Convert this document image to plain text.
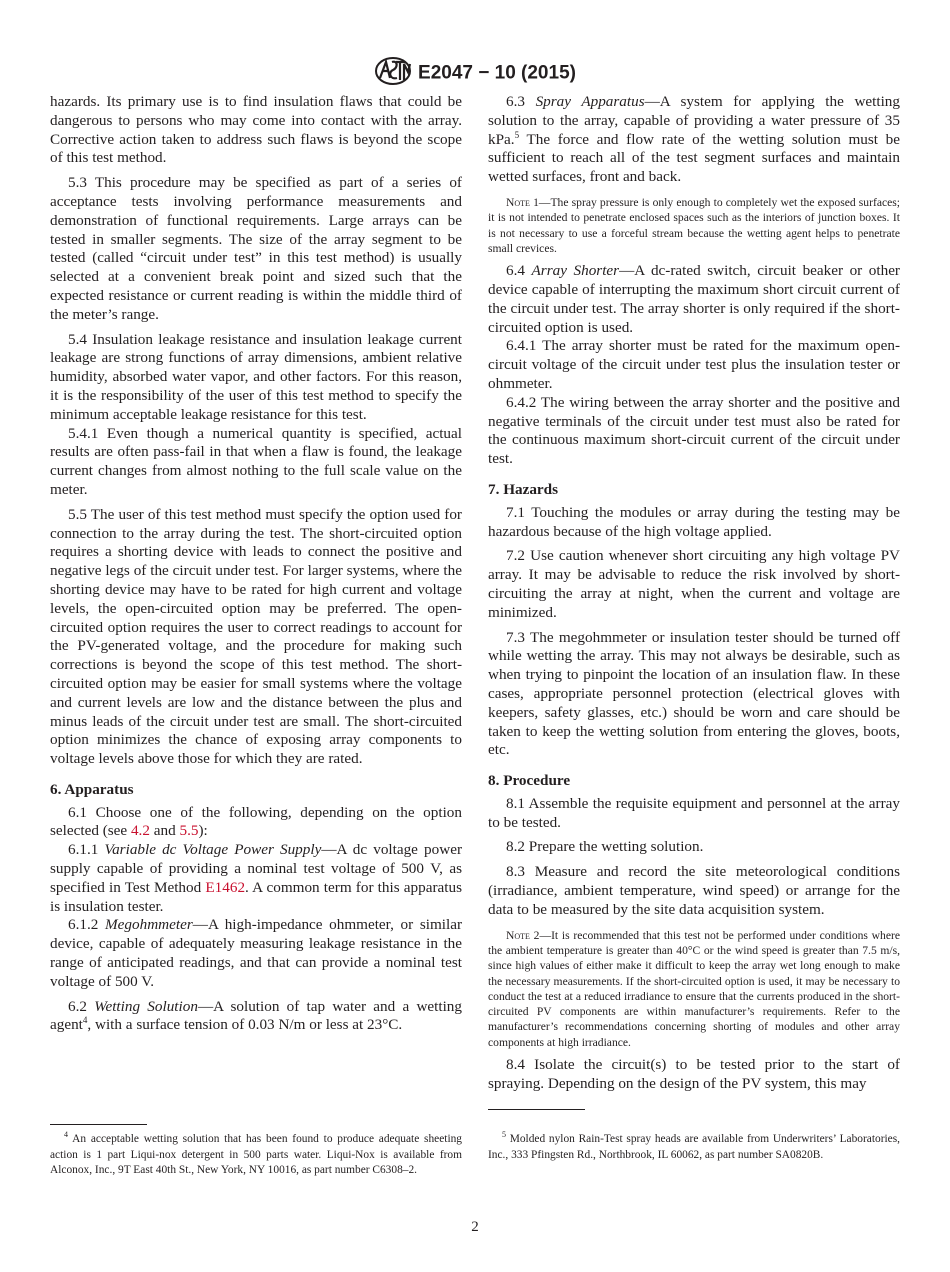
E2047 − 10 (2015)
hazards. Its primary use is to find insulation flaws that could be dangerous to persons who may come into contact with the array. Corrective action taken to address such flaws is beyond the scope of this test method.
5.3 This procedure may be specified as part of a series of acceptance tests involving performance measurements and demonstration of functional requirements. Large arrays can be tested in smaller segments. The size of the array segment to be tested (called “circuit under test” in this test method) is usually selected at a convenient break point and sized such that the expected resistance or current reading is within the middle third of the meter’s range.
5.4 Insulation leakage resistance and insulation leakage current leakage are strong functions of array dimensions, ambient relative humidity, absorbed water vapor, and other factors. For this reason, it is the responsibility of the user of this test method to specify the minimum acceptable leakage resistance for this test.
5.4.1 Even though a numerical quantity is specified, actual results are often pass-fail in that when a flaw is found, the leakage current changes from almost nothing to the full scale value on the meter.
5.5 The user of this test method must specify the option used for connection to the array during the test. The short-circuited option requires a shorting device with leads to connect the positive and negative legs of the circuit under test. For larger systems, where the shorting device may have to be rated for high current and voltage levels, the open-circuited option may be preferred. The open-circuited option requires the user to correct readings to account for the PV-generated voltage, and the procedure for making such corrections is beyond the scope of this test method. The short-circuited option may be easier for small systems where the voltage and current levels are low and the distance between the plus and minus leads of the circuit under test are small. The short-circuited option minimizes the chance of exposing array components to voltage levels above those for which they are rated.
6. Apparatus
6.1 Choose one of the following, depending on the option selected (see 4.2 and 5.5):
6.1.1 Variable dc Voltage Power Supply—A dc voltage power supply capable of providing a nominal test voltage of 500 V, as specified in Test Method E1462. A common term for this apparatus is insulation tester.
6.1.2 Megohmmeter—A high-impedance ohmmeter, or similar device, capable of adequately measuring leakage resistance in the range of anticipated readings, and that can provide a nominal test voltage of 500 V.
6.2 Wetting Solution—A solution of tap water and a wetting agent$^4$, with a surface tension of 0.03 N/m or less at 23°C.
6.3 Spray Apparatus—A system for applying the wetting solution to the array, capable of providing a water pressure of 35 kPa.$^5$ The force and flow rate of the wetting solution must be sufficient to reach all of the test segment surfaces and maintain wetted surfaces, front and back.
Note 1—The spray pressure is only enough to completely wet the exposed surfaces; it is not intended to penetrate enclosed spaces such as the interiors of junction boxes. It is not necessary to use a forceful stream because the wetting agent helps to penetrate small crevices.
6.4 Array Shorter—A dc-rated switch, circuit beaker or other device capable of interrupting the maximum short circuit current of the circuit under test. The array shorter is only required if the short-circuited option is used.
6.4.1 The array shorter must be rated for the maximum open-circuit voltage of the circuit under test plus the insulation tester or ohmmeter.
6.4.2 The wiring between the array shorter and the positive and negative terminals of the circuit under test must also be rated for the continuous maximum short-circuit current of the circuit under test.
7. Hazards
7.1 Touching the modules or array during the testing may be hazardous because of the high voltage applied.
7.2 Use caution whenever short circuiting any high voltage PV array. It may be advisable to reduce the risk involved by short-circuiting the array at night, when the current and voltage are minimized.
7.3 The megohmmeter or insulation tester should be turned off while wetting the array. This may not always be desirable, such as when trying to pinpoint the location of an insulation flaw. In these cases, appropriate personnel protection (electrical gloves with keepers, safety glasses, etc.) should be worn and care should be taken to keep the wetting solution from entering the gloves, boots, etc.
8. Procedure
8.1 Assemble the requisite equipment and personnel at the array to be tested.
8.2 Prepare the wetting solution.
8.3 Measure and record the site meteorological conditions (irradiance, ambient temperature, wind speed) or arrange for the data to be measured by the site data acquisition system.
Note 2—It is recommended that this test not be performed under conditions where the ambient temperature is greater than 40°C or the wind speed is greater than 7.5 m/s, since high values of either make it difficult to keep the array wet long enough to make the necessary measurements. If the short-circuited option is used, it may be necessary to conduct the test at a reduced irradiance to ensure that the currents produced in the short-circuited PV components are within manufacturer’s requirements. Refer to the manufacturer’s recommendations concerning shorting of modules and other array components at high irradiance.
8.4 Isolate the circuit(s) to be tested prior to the start of spraying. Depending on the design of the PV system, this may
$^4$ An acceptable wetting solution that has been found to produce adequate sheeting action is 1 part Liqui-nox detergent in 500 parts water. Liqui-Nox is available from Alconox, Inc., 9T East 40th St., New York, NY 10016, as part number C6308–2.
$^5$ Molded nylon Rain-Test spray heads are available from Underwriters’ Laboratories, Inc., 333 Pfingsten Rd., Northbrook, IL 60062, as part number SA0820B.
2
